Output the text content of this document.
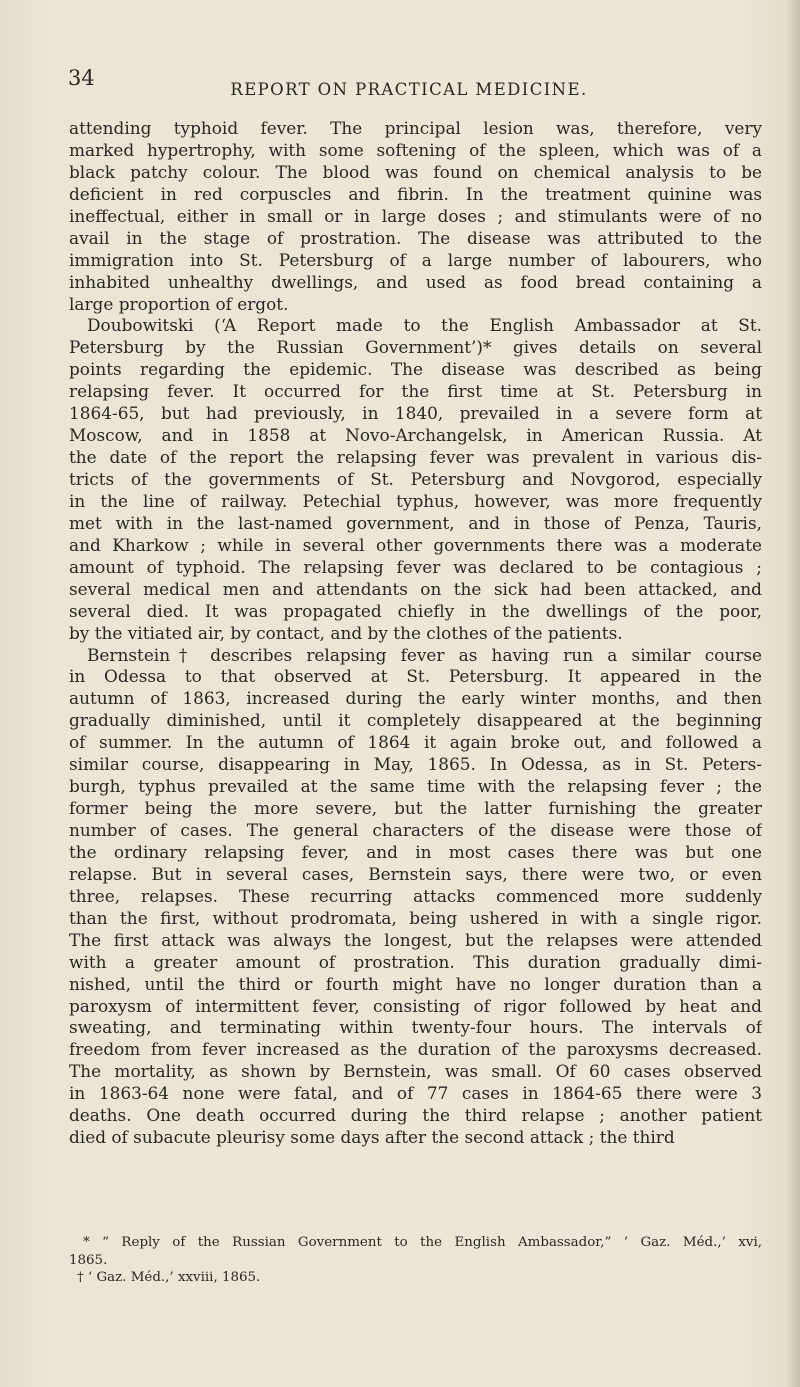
34	REPORT ON PRACTICAL MEDICINE.
attending typhoid fever. The principal lesion was, therefore, very
marked hypertrophy, with some softening of the spleen, which was of a
black patchy colour. The blood was found on chemical analysis to be
deficient in red corpuscles and fibrin. In the treatment quinine was
ineffectual, either in small or in large doses ; and stimulants were of no
avail in the stage of prostration. The disease was attributed to the
immigration into St. Petersburg of a large number of labourers, who
inhabited unhealthy dwellings, and used as food bread containing a
large proportion of ergot.
Doubowitski (‘A Report made to the English Ambassador at St.
Petersburg by the Russian Government’)* gives details on several
points regarding the epidemic. The disease was described as being
relapsing fever. It occurred for the first time at St. Petersburg in
1864-65, but had previously, in 1840, prevailed in a severe form at
Moscow, and in 1858 at Novo-Archangelsk, in American Russia. At
the date of the report the relapsing fever was prevalent in various dis-
tricts of the governments of St. Petersburg and Novgorod, especially
in the line of railway. Petechial typhus, however, was more frequently
met with in the last-named government, and in those of Penza, Tauris,
and Kharkow ; while in several other governments there was a moderate
amount of typhoid. The relapsing fever was declared to be contagious ;
several medical men and attendants on the sick had been attacked, and
several died. It was propagated chiefly in the dwellings of the poor,
by the vitiated air, by contact, and by the clothes of the patients.
Bernstein† describes relapsing fever as having run a similar course
in Odessa to that observed at St. Petersburg. It appeared in the
autumn of 1863, increased during the early winter months, and then
gradually diminished, until it completely disappeared at the beginning
of summer. In the autumn of 1864 it again broke out, and followed a
similar course, disappearing in May, 1865. In Odessa, as in St. Peters-
burgh, typhus prevailed at the same time with the relapsing fever ; the
former being the more severe, but the latter furnishing the greater
number of cases. The general characters of the disease were those of
the ordinary relapsing fever, and in most cases there was but one
relapse. But in several cases, Bernstein says, there were two, or even
three, relapses. These recurring attacks commenced more suddenly
than the first, without prodromata, being ushered in with a single rigor.
The first attack was always the longest, but the relapses were attended
with a greater amount of prostration. This duration gradually dimi-
nished, until the third or fourth might have no longer duration than a
paroxysm of intermittent fever, consisting of rigor followed by heat and
sweating, and terminating within twenty-four hours. The intervals of
freedom from fever increased as the duration of the paroxysms decreased.
The mortality, as shown by Bernstein, was small. Of 60 cases observed
in 1863-64 none were fatal, and of 77 cases in 1864-65 there were 3
deaths. One death occurred during the third relapse ; another patient
died of subacute pleurisy some days after the second attack ; the third
* “ Reply of the Russian Government to the English Ambassador,” ‘ Gaz. Méd.,’ xvi,
1865.
† ‘ Gaz. Méd.,’ xxviii, 1865.
